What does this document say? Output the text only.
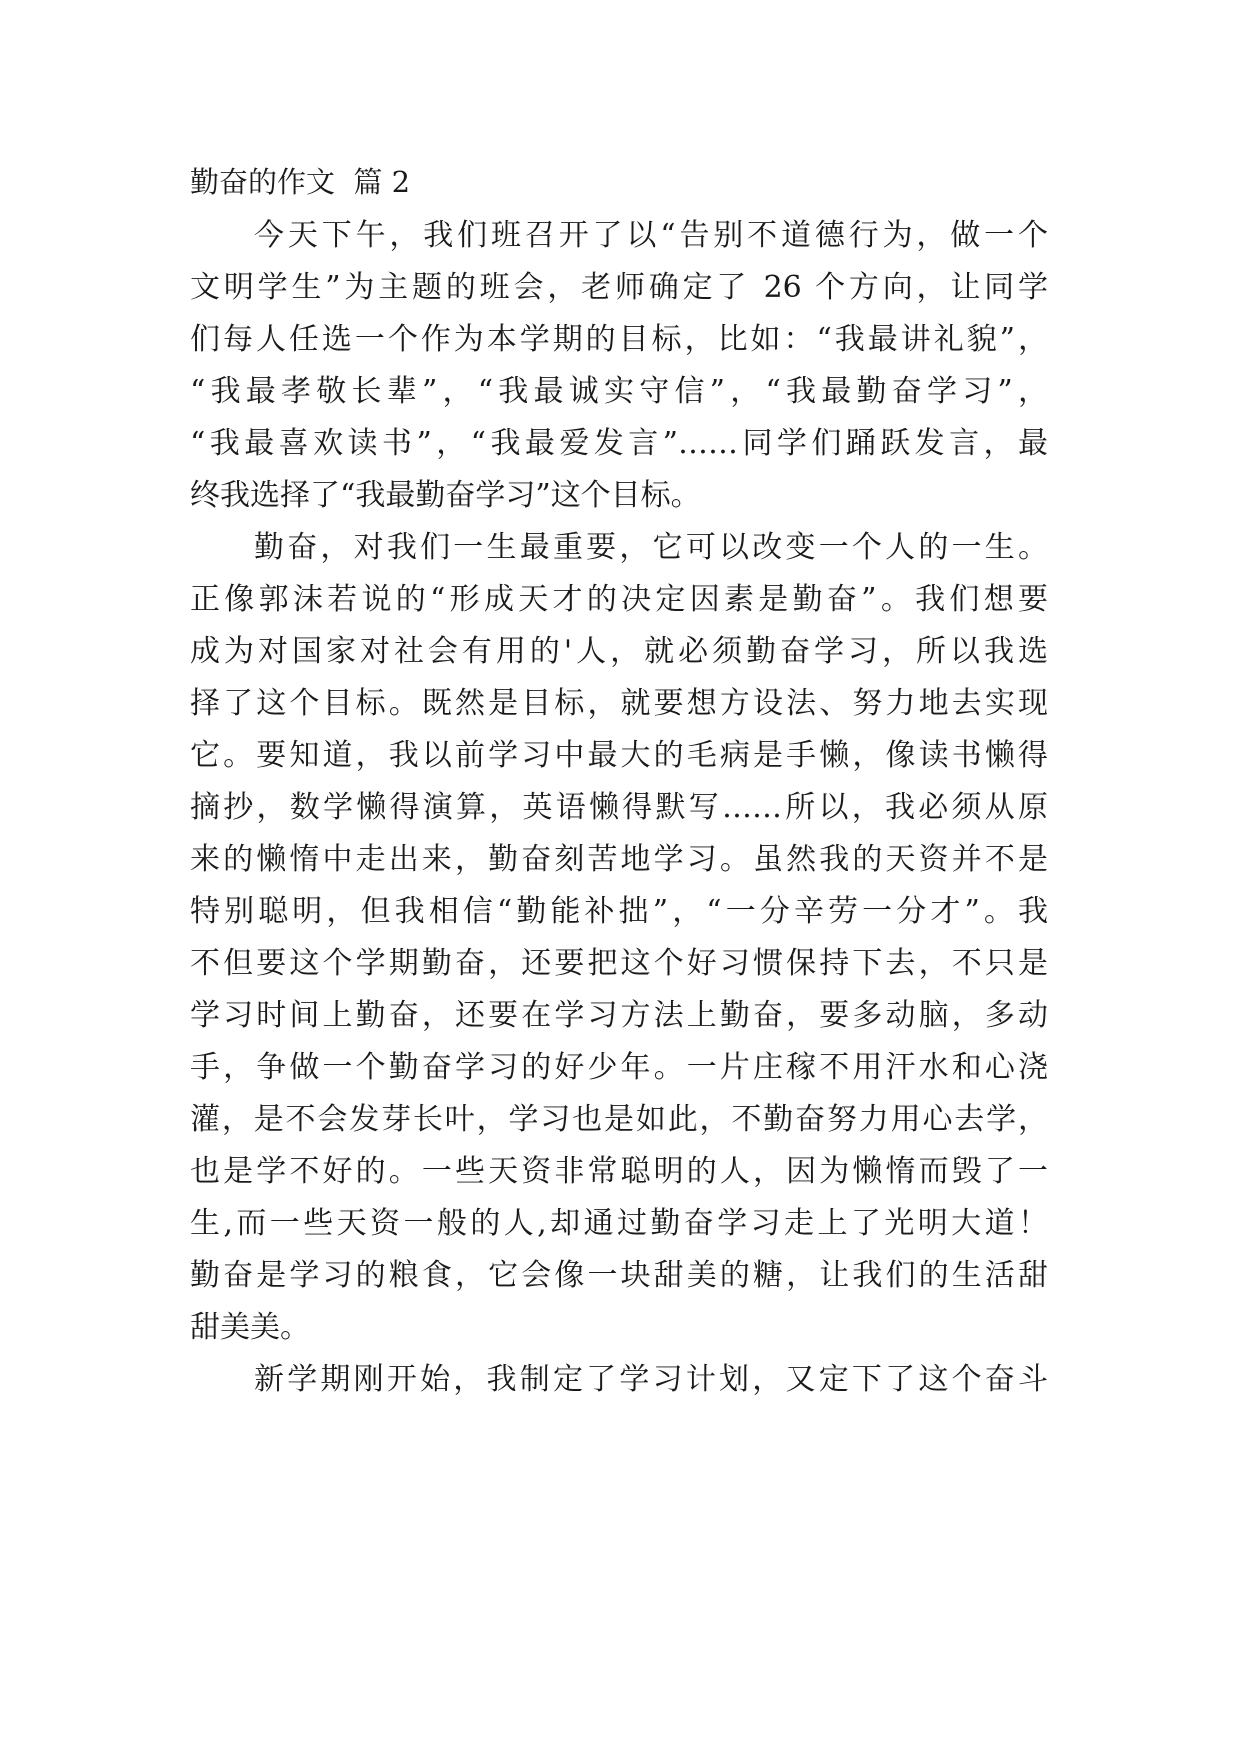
勤奋的作文  篇 2

今天下午，我们班召开了以“告别不道德行为，做一个

文明学生”为主题的班会，老师确定了 26 个方向，让同学

们每人任选一个作为本学期的目标，比如：“我最讲礼貌”，

“我最孝敬长辈”，“我最诚实守信”，“我最勤奋学习”，

“我最喜欢读书”，“我最爱发言”……同学们踊跃发言，最

终我选择了“我最勤奋学习”这个目标。

勤奋，对我们一生最重要，它可以改变一个人的一生。

正像郭沫若说的“形成天才的决定因素是勤奋”。我们想要

成为对国家对社会有用的'人，就必须勤奋学习，所以我选

择了这个目标。既然是目标，就要想方设法、努力地去实现

它。要知道，我以前学习中最大的毛病是手懒，像读书懒得

摘抄，数学懒得演算，英语懒得默写……所以，我必须从原

来的懒惰中走出来，勤奋刻苦地学习。虽然我的天资并不是

特别聪明，但我相信“勤能补拙”，“一分辛劳一分才”。我

不但要这个学期勤奋，还要把这个好习惯保持下去，不只是

学习时间上勤奋，还要在学习方法上勤奋，要多动脑，多动

手，争做一个勤奋学习的好少年。一片庄稼不用汗水和心浇

灌，是不会发芽长叶，学习也是如此，不勤奋努力用心去学，

也是学不好的。一些天资非常聪明的人，因为懒惰而毁了一

生,而一些天资一般的人,却通过勤奋学习走上了光明大道！

勤奋是学习的粮食，它会像一块甜美的糖，让我们的生活甜

甜美美。

新学期刚开始，我制定了学习计划，又定下了这个奋斗
